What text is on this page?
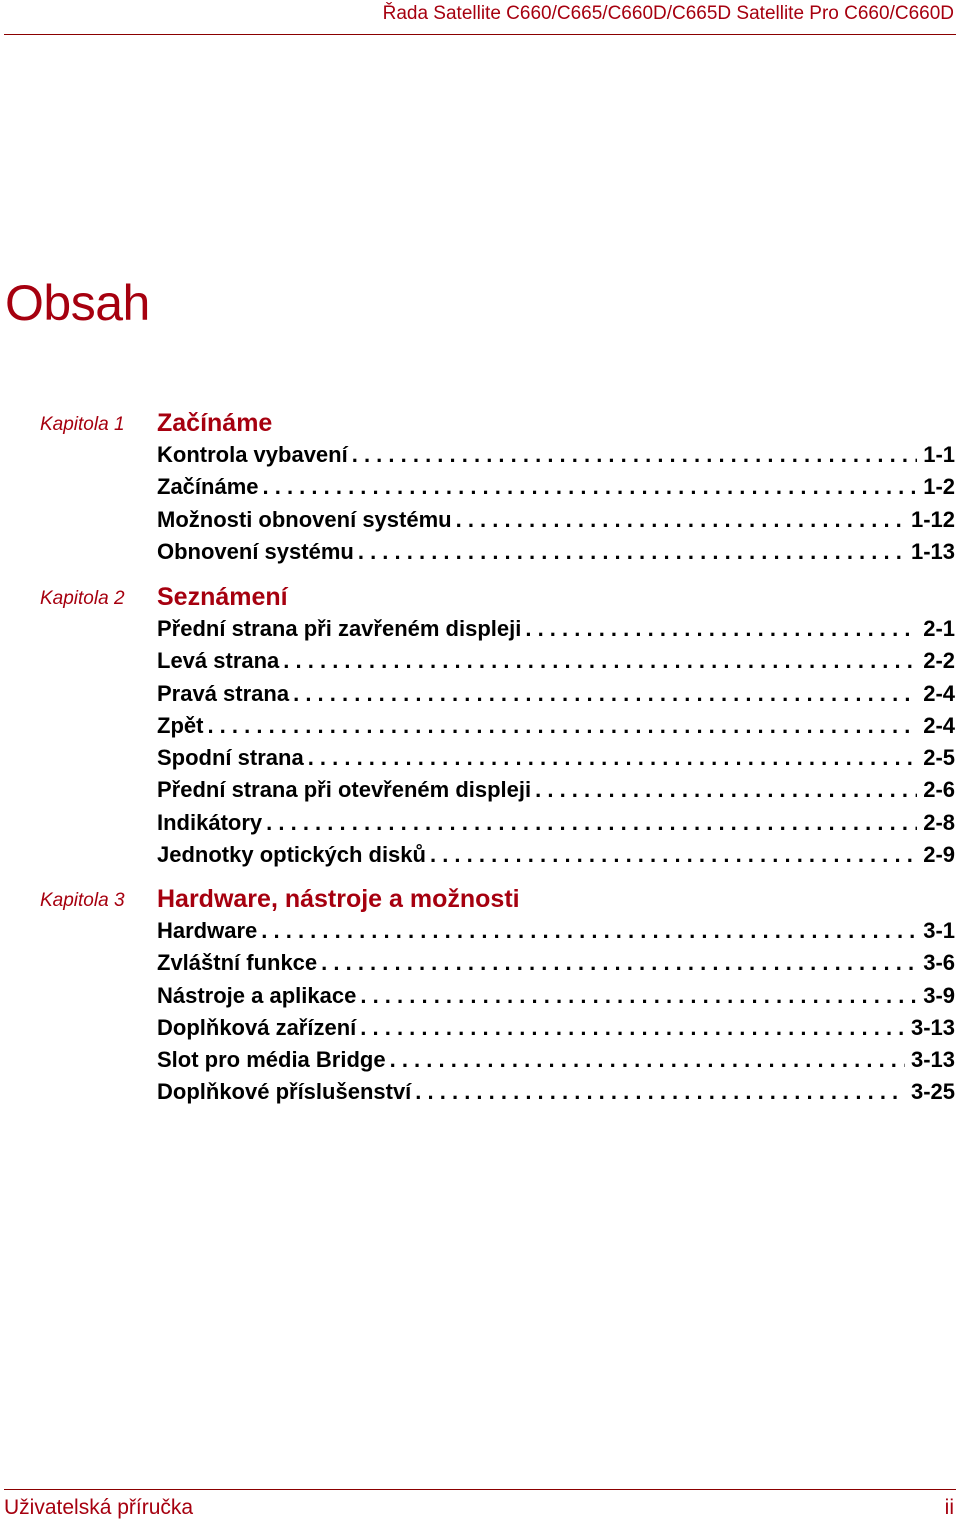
Řada Satellite C660/C665/C660D/C665D Satellite Pro C660/C660D
Obsah
Kapitola 1 Začínáme
Kontrola vybavení . . .	1-1
Začínáme . . .	1-2
Možnosti obnovení systému . . .	1-12
Obnovení systému . . .	1-13
Kapitola 2 Seznámení
Přední strana při zavřeném displeji . . .	2-1
Levá strana . . .	2-2
Pravá strana . . .	2-4
Zpět . . .	2-4
Spodní strana . . .	2-5
Přední strana při otevřeném displeji . . .	2-6
Indikátory . . .	2-8
Jednotky optických disků . . .	2-9
Kapitola 3 Hardware, nástroje a možnosti
Hardware . . .	3-1
Zvláštní funkce . . .	3-6
Nástroje a aplikace . . .	3-9
Doplňková zařízení . . .	3-13
Slot pro média Bridge . . .	3-13
Doplňkové příslušenství . . .	3-25
Uživatelská příručka	ii
